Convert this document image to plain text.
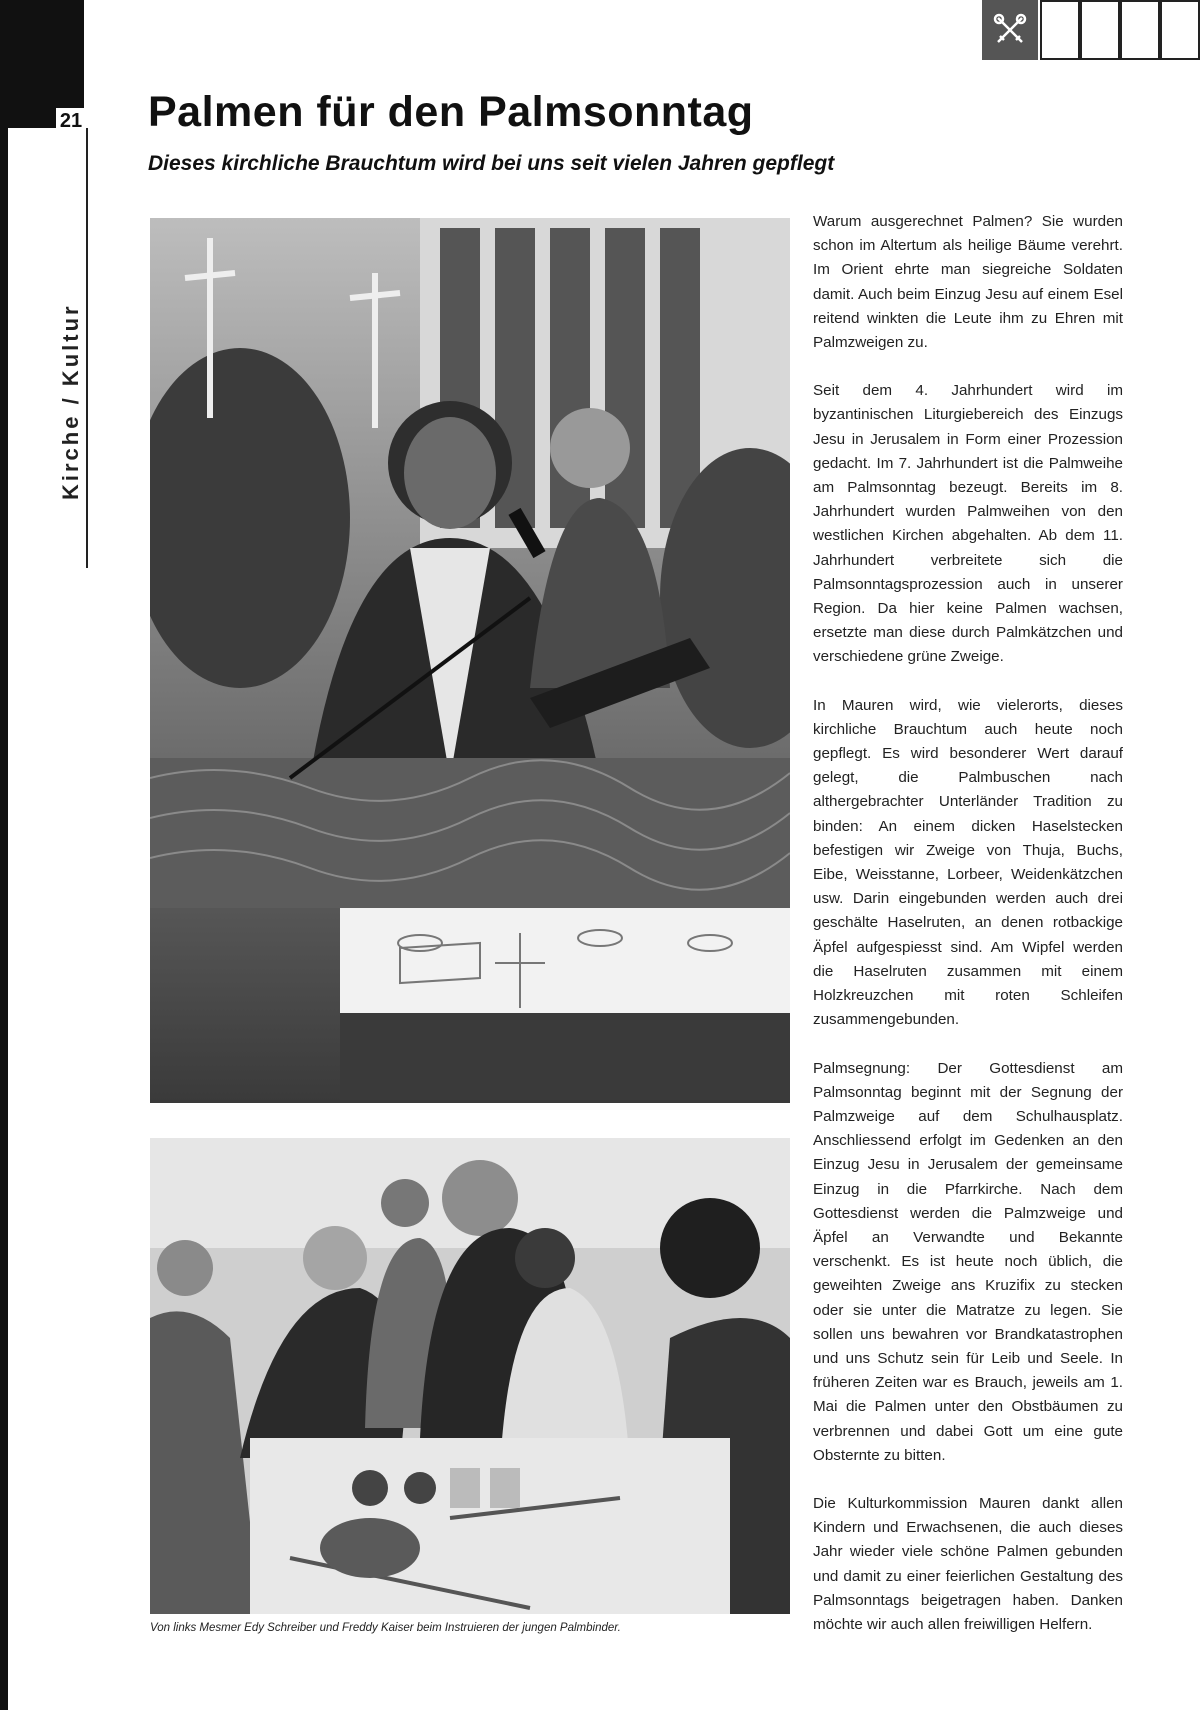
21
Kirche / Kultur
Palmen für den Palmsonntag
Dieses kirchliche Brauchtum wird bei uns seit vielen Jahren gepflegt

Von links Mesmer Edy Schreiber und Freddy Kaiser beim Instruieren der jungen Palmbinder.

Warum ausgerechnet Palmen? Sie wurden schon im Altertum als heilige Bäume verehrt. Im Orient ehrte man siegreiche Soldaten damit. Auch beim Einzug Jesu auf einem Esel reitend winkten die Leute ihm zu Ehren mit Palmzweigen zu.

Seit dem 4. Jahrhundert wird im byzantinischen Liturgiebereich des Einzugs Jesu in Jerusalem in Form einer Prozession gedacht. Im 7. Jahrhundert ist die Palmweihe am Palmsonntag bezeugt. Bereits im 8. Jahrhundert wurden Palmweihen von den westlichen Kirchen abgehalten. Ab dem 11. Jahrhundert verbreitete sich die Palmsonntagsprozession auch in unserer Region. Da hier keine Palmen wachsen, ersetzte man diese durch Palmkätzchen und verschiedene grüne Zweige.

In Mauren wird, wie vielerorts, dieses kirchliche Brauchtum auch heute noch gepflegt. Es wird besonderer Wert darauf gelegt, die Palmbuschen nach althergebrachter Unterländer Tradition zu binden: An einem dicken Haselstecken befestigen wir Zweige von Thuja, Buchs, Eibe, Weisstanne, Lorbeer, Weidenkätzchen usw. Darin eingebunden werden auch drei geschälte Haselruten, an denen rotbackige Äpfel aufgespiesst sind. Am Wipfel werden die Haselruten zusammen mit einem Holzkreuzchen mit roten Schleifen zusammengebunden.

Palmsegnung: Der Gottesdienst am Palmsonntag beginnt mit der Segnung der Palmzweige auf dem Schulhausplatz. Anschliessend erfolgt im Gedenken an den Einzug Jesu in Jerusalem der gemeinsame Einzug in die Pfarrkirche. Nach dem Gottesdienst werden die Palmzweige und Äpfel an Verwandte und Bekannte verschenkt. Es ist heute noch üblich, die geweihten Zweige ans Kruzifix zu stecken oder sie unter die Matratze zu legen. Sie sollen uns bewahren vor Brandkatastrophen und uns Schutz sein für Leib und Seele. In früheren Zeiten war es Brauch, jeweils am 1. Mai die Palmen unter den Obstbäumen zu verbrennen und dabei Gott um eine gute Obsternte zu bitten.

Die Kulturkommission Mauren dankt allen Kindern und Erwachsenen, die auch dieses Jahr wieder viele schöne Palmen gebunden und damit zu einer feierlichen Gestaltung des Palmsonntags beigetragen haben. Danken möchte wir auch allen freiwilligen Helfern.
